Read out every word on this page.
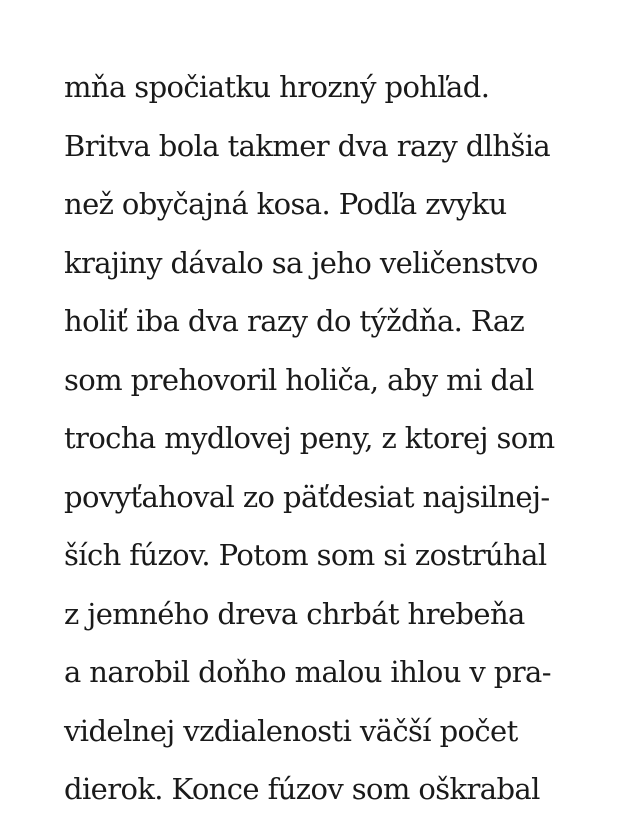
mňa spočiatku hrozný pohľad.
Britva bola takmer dva razy dlhšia
než obyčajná kosa. Podľa zvyku
krajiny dávalo sa jeho veličenstvo
holiť iba dva razy do týždňa. Raz
som prehovoril holiča, aby mi dal
trocha mydlovej peny, z ktorej som
povyťahoval zo päťdesiat najsilnej-
ších fúzov. Potom som si zostrúhal
z jemného dreva chrbát hrebeňa
a narobil doňho malou ihlou v pra-
videlnej vzdialenosti väčší počet
dierok. Konce fúzov som oškrabal
